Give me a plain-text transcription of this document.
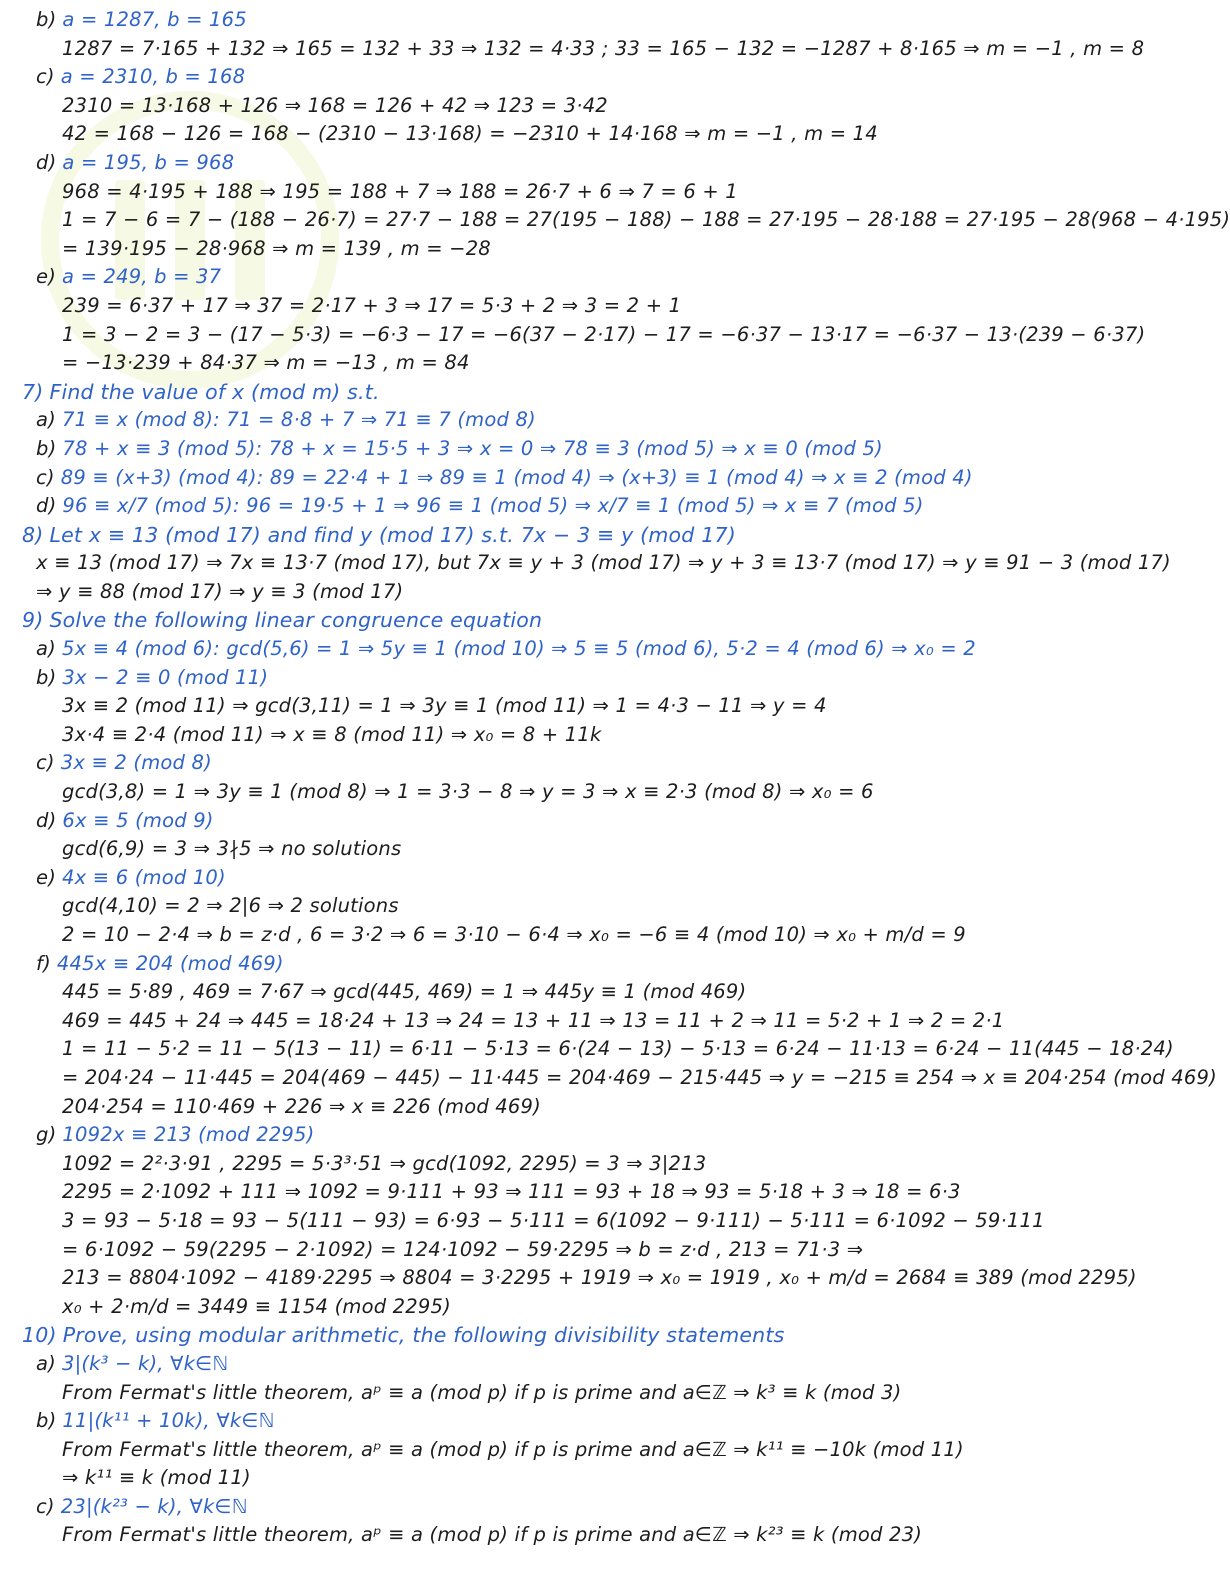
b) a = 1287, b = 165
1287 = 7·165 + 132 ⇒ 165 = 132 + 33 ⇒ 132 = 4·33 ; 33 = 165 − 132 = −1287 + 8·165 ⇒ m = −1 , m = 8
c) a = 2310, b = 168
2310 = 13·168 + 126 ⇒ 168 = 126 + 42 ⇒ 123 = 3·42
42 = 168 − 126 = 168 − (2310 − 13·168) = −2310 + 14·168 ⇒ m = −1 , m = 14
d) a = 195, b = 968
968 = 4·195 + 188 ⇒ 195 = 188 + 7 ⇒ 188 = 26·7 + 6 ⇒ 7 = 6 + 1
1 = 7 − 6 = 7 − (188 − 26·7) = 27·7 − 188 = 27(195 − 188) − 188 = 27·195 − 28·188 = 27·195 − 28(968 − 4·195)
= 139·195 − 28·968 ⇒ m = 139 , m = −28
e) a = 249, b = 37
239 = 6·37 + 17 ⇒ 37 = 2·17 + 3 ⇒ 17 = 5·3 + 2 ⇒ 3 = 2 + 1
1 = 3 − 2 = 3 − (17 − 5·3) = −6·3 − 17 = −6(37 − 2·17) − 17 = −6·37 − 13·17 = −6·37 − 13·(239 − 6·37)
= −13·239 + 84·37 ⇒ m = −13 , m = 84
7) Find the value of x (mod m) s.t.
a) 71 ≡ x (mod 8): 71 = 8·8 + 7 ⇒ 71 ≡ 7 (mod 8)
b) 78 + x ≡ 3 (mod 5): 78 + x = 15·5 + 3 ⇒ x = 0 ⇒ 78 ≡ 3 (mod 5) ⇒ x ≡ 0 (mod 5)
c) 89 ≡ (x+3) (mod 4): 89 = 22·4 + 1 ⇒ 89 ≡ 1 (mod 4) ⇒ (x+3) ≡ 1 (mod 4) ⇒ x ≡ 2 (mod 4)
d) 96 ≡ x/7 (mod 5): 96 = 19·5 + 1 ⇒ 96 ≡ 1 (mod 5) ⇒ x/7 ≡ 1 (mod 5) ⇒ x ≡ 7 (mod 5)
8) Let x ≡ 13 (mod 17) and find y (mod 17) s.t. 7x − 3 ≡ y (mod 17)
x ≡ 13 (mod 17) ⇒ 7x ≡ 13·7 (mod 17), but 7x ≡ y + 3 (mod 17) ⇒ y + 3 ≡ 13·7 (mod 17) ⇒ y ≡ 91 − 3 (mod 17)
⇒ y ≡ 88 (mod 17) ⇒ y ≡ 3 (mod 17)
9) Solve the following linear congruence equation
a) 5x ≡ 4 (mod 6): gcd(5,6) = 1 ⇒ 5y ≡ 1 (mod 10) ⇒ 5 ≡ 5 (mod 6), 5·2 = 4 (mod 6) ⇒ x₀ = 2
b) 3x − 2 ≡ 0 (mod 11)
3x ≡ 2 (mod 11) ⇒ gcd(3,11) = 1 ⇒ 3y ≡ 1 (mod 11) ⇒ 1 = 4·3 − 11 ⇒ y = 4
3x·4 ≡ 2·4 (mod 11) ⇒ x ≡ 8 (mod 11) ⇒ x₀ = 8 + 11k
c) 3x ≡ 2 (mod 8)
gcd(3,8) = 1 ⇒ 3y ≡ 1 (mod 8) ⇒ 1 = 3·3 − 8 ⇒ y = 3 ⇒ x ≡ 2·3 (mod 8) ⇒ x₀ = 6
d) 6x ≡ 5 (mod 9)
gcd(6,9) = 3 ⇒ 3∤5 ⇒ no solutions
e) 4x ≡ 6 (mod 10)
gcd(4,10) = 2 ⇒ 2|6 ⇒ 2 solutions
2 = 10 − 2·4 ⇒ b = z·d , 6 = 3·2 ⇒ 6 = 3·10 − 6·4 ⇒ x₀ = −6 ≡ 4 (mod 10) ⇒ x₀ + m/d = 9
f) 445x ≡ 204 (mod 469)
445 = 5·89 , 469 = 7·67 ⇒ gcd(445, 469) = 1 ⇒ 445y ≡ 1 (mod 469)
469 = 445 + 24 ⇒ 445 = 18·24 + 13 ⇒ 24 = 13 + 11 ⇒ 13 = 11 + 2 ⇒ 11 = 5·2 + 1 ⇒ 2 = 2·1
1 = 11 − 5·2 = 11 − 5(13 − 11) = 6·11 − 5·13 = 6·(24 − 13) − 5·13 = 6·24 − 11·13 = 6·24 − 11(445 − 18·24)
= 204·24 − 11·445 = 204(469 − 445) − 11·445 = 204·469 − 215·445 ⇒ y = −215 ≡ 254 ⇒ x ≡ 204·254 (mod 469)
204·254 = 110·469 + 226 ⇒ x ≡ 226 (mod 469)
g) 1092x ≡ 213 (mod 2295)
1092 = 2²·3·91 , 2295 = 5·3³·51 ⇒ gcd(1092, 2295) = 3 ⇒ 3|213
2295 = 2·1092 + 111 ⇒ 1092 = 9·111 + 93 ⇒ 111 = 93 + 18 ⇒ 93 = 5·18 + 3 ⇒ 18 = 6·3
3 = 93 − 5·18 = 93 − 5(111 − 93) = 6·93 − 5·111 = 6(1092 − 9·111) − 5·111 = 6·1092 − 59·111
= 6·1092 − 59(2295 − 2·1092) = 124·1092 − 59·2295 ⇒ b = z·d , 213 = 71·3 ⇒
213 = 8804·1092 − 4189·2295 ⇒ 8804 = 3·2295 + 1919 ⇒ x₀ = 1919 , x₀ + m/d = 2684 ≡ 389 (mod 2295)
x₀ + 2·m/d = 3449 ≡ 1154 (mod 2295)
10) Prove, using modular arithmetic, the following divisibility statements
a) 3|(k³ − k), ∀k∈ℕ
From Fermat's little theorem, aᵖ ≡ a (mod p) if p is prime and a∈ℤ ⇒ k³ ≡ k (mod 3)
b) 11|(k¹¹ + 10k), ∀k∈ℕ
From Fermat's little theorem, aᵖ ≡ a (mod p) if p is prime and a∈ℤ ⇒ k¹¹ ≡ −10k (mod 11)
⇒ k¹¹ ≡ k (mod 11)
c) 23|(k²³ − k), ∀k∈ℕ
From Fermat's little theorem, aᵖ ≡ a (mod p) if p is prime and a∈ℤ ⇒ k²³ ≡ k (mod 23)
